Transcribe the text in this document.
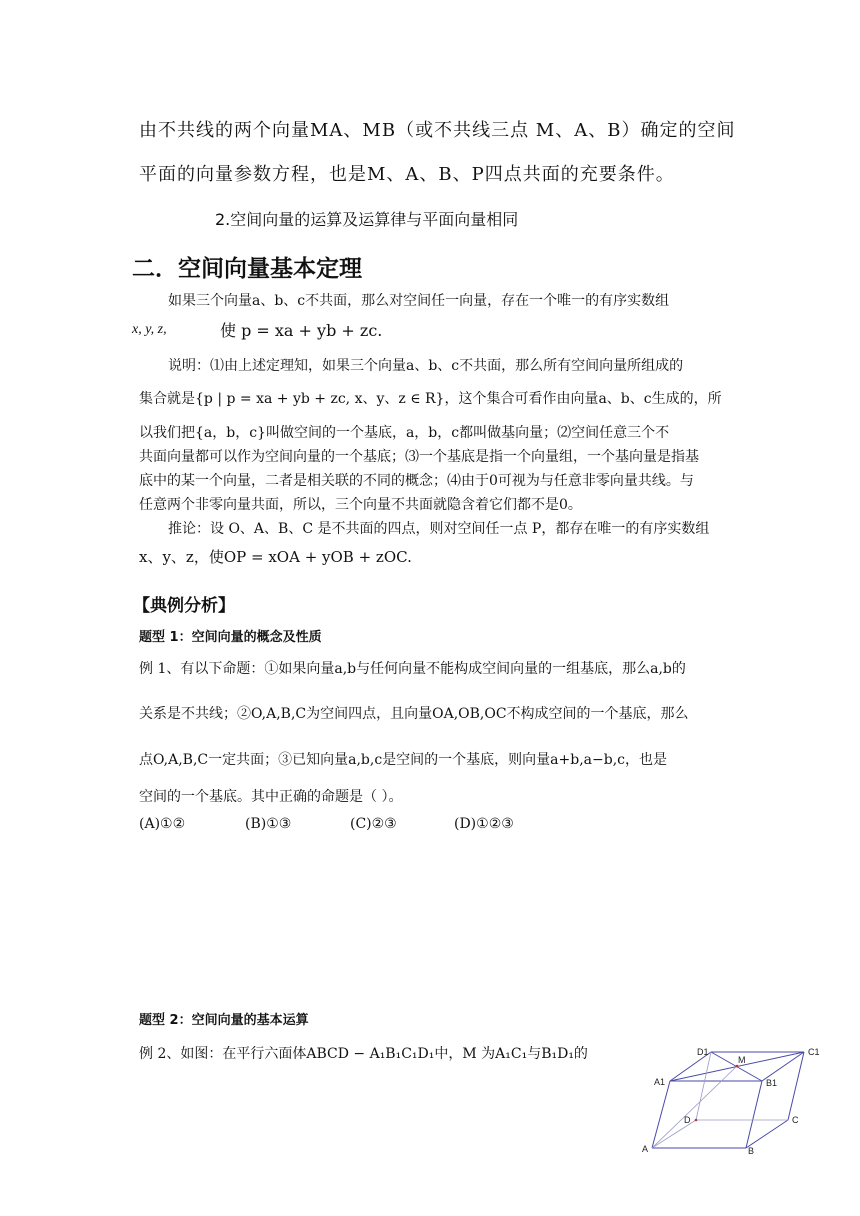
由不共线的两个向量MA、MB（或不共线三点 M、A、B）确定的空间
平面的向量参数方程，也是M、A、B、P四点共面的充要条件。
2.空间向量的运算及运算律与平面向量相同
二．空间向量基本定理
如果三个向量a、b、c不共面，那么对空间任一向量，存在一个唯一的有序实数组
x, y, z,	使 p = xa + yb + zc.
说明：⑴由上述定理知，如果三个向量a、b、c不共面，那么所有空间向量所组成的
集合就是{p | p = xa + yb + zc, x、y、z ∈ R}，这个集合可看作由向量a、b、c生成的，所
以我们把{a，b，c}叫做空间的一个基底，a，b，c都叫做基向量；⑵空间任意三个不
共面向量都可以作为空间向量的一个基底；⑶一个基底是指一个向量组，一个基向量是指基
底中的某一个向量，二者是相关联的不同的概念；⑷由于0可视为与任意非零向量共线。与
任意两个非零向量共面，所以，三个向量不共面就隐含着它们都不是0。
推论：设 O、A、B、C 是不共面的四点，则对空间任一点 P，都存在唯一的有序实数组
x、y、z，使OP = xOA + yOB + zOC.
【典例分析】
题型 1：空间向量的概念及性质
例 1、有以下命题：①如果向量a,b与任何向量不能构成空间向量的一组基底，那么a,b的
关系是不共线；②O,A,B,C为空间四点，且向量OA,OB,OC不构成空间的一个基底，那么
点O,A,B,C一定共面；③已知向量a,b,c是空间的一个基底，则向量a+b,a−b,c，也是
空间的一个基底。其中正确的命题是（ ）。
(A)①②	(B)①③	(C)②③	(D)①②③
题型 2：空间向量的基本运算
例 2、如图：在平行六面体ABCD − A₁B₁C₁D₁中，M 为A₁C₁与B₁D₁的	D1
M
C1
A1	B1
D	C
A	B
